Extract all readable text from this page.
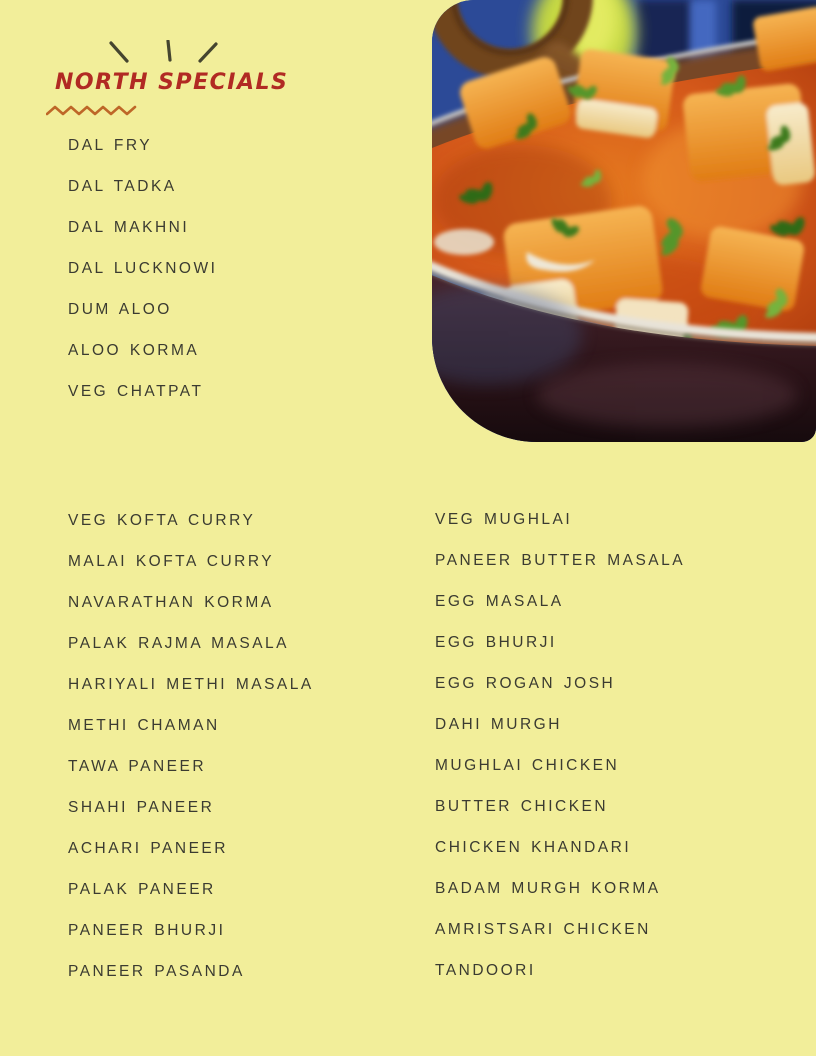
NORTH SPECIALS
DAL FRY
DAL TADKA
DAL MAKHNI
DAL LUCKNOWI
DUM ALOO
ALOO KORMA
VEG CHATPAT
VEG KOFTA CURRY
MALAI KOFTA CURRY
NAVARATHAN KORMA
PALAK RAJMA MASALA
HARIYALI METHI MASALA
METHI CHAMAN
TAWA PANEER
SHAHI PANEER
ACHARI PANEER
PALAK PANEER
PANEER BHURJI
PANEER PASANDA
VEG MUGHLAI
PANEER BUTTER MASALA
EGG MASALA
EGG BHURJI
EGG ROGAN JOSH
DAHI MURGH
MUGHLAI CHICKEN
BUTTER CHICKEN
CHICKEN KHANDARI
BADAM MURGH KORMA
AMRISTSARI CHICKEN
TANDOORI
